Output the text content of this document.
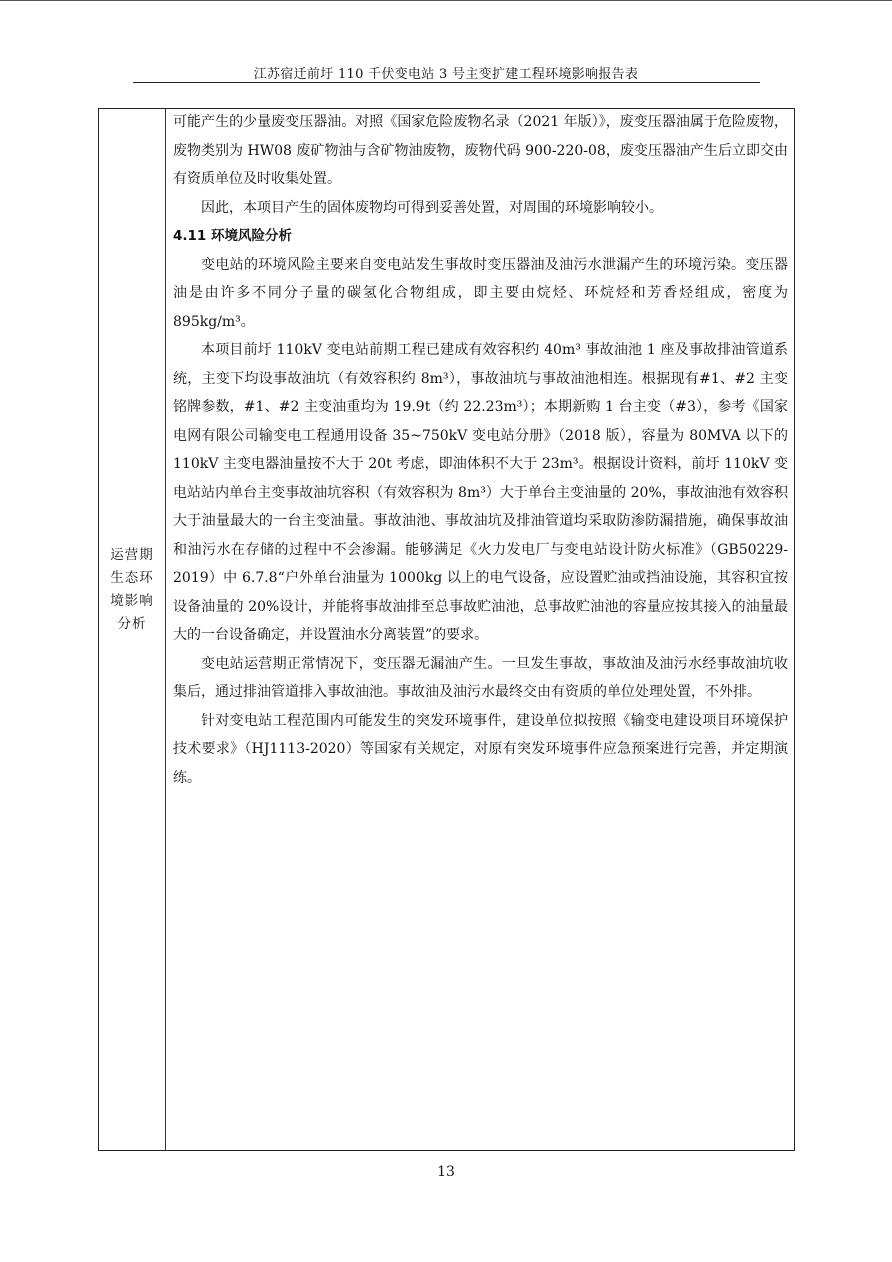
江苏宿迁前圩 110 千伏变电站 3 号主变扩建工程环境影响报告表
运营期
生态环
境影响
分析

可能产生的少量废变压器油。对照《国家危险废物名录（2021 年版）》，废变压器油属于危险废物，废物类别为 HW08 废矿物油与含矿物油废物，废物代码 900-220-08，废变压器油产生后立即交由有资质单位及时收集处置。

因此，本项目产生的固体废物均可得到妥善处置，对周围的环境影响较小。

4.11 环境风险分析

变电站的环境风险主要来自变电站发生事故时变压器油及油污水泄漏产生的环境污染。变压器油是由许多不同分子量的碳氢化合物组成，即主要由烷烃、环烷烃和芳香烃组成，密度为895kg/m³。

本项目前圩 110kV 变电站前期工程已建成有效容积约 40m³ 事故油池 1 座及事故排油管道系统，主变下均设事故油坑（有效容积约 8m³），事故油坑与事故油池相连。根据现有#1、#2 主变铭牌参数，#1、#2 主变油重均为 19.9t（约 22.23m³）；本期新购 1 台主变（#3），参考《国家电网有限公司输变电工程通用设备 35~750kV 变电站分册》（2018 版），容量为 80MVA 以下的 110kV 主变电器油量按不大于 20t 考虑，即油体积不大于 23m³。根据设计资料，前圩 110kV 变电站站内单台主变事故油坑容积（有效容积为 8m³）大于单台主变油量的 20%，事故油池有效容积大于油量最大的一台主变油量。事故油池、事故油坑及排油管道均采取防渗防漏措施，确保事故油和油污水在存储的过程中不会渗漏。能够满足《火力发电厂与变电站设计防火标准》（GB50229-2019）中 6.7.8“户外单台油量为 1000kg 以上的电气设备，应设置贮油或挡油设施，其容积宜按设备油量的 20%设计，并能将事故油排至总事故贮油池，总事故贮油池的容量应按其接入的油量最大的一台设备确定，并设置油水分离装置”的要求。

变电站运营期正常情况下，变压器无漏油产生。一旦发生事故，事故油及油污水经事故油坑收集后，通过排油管道排入事故油池。事故油及油污水最终交由有资质的单位处理处置，不外排。

针对变电站工程范围内可能发生的突发环境事件，建设单位拟按照《输变电建设项目环境保护技术要求》（HJ1113-2020）等国家有关规定，对原有突发环境事件应急预案进行完善，并定期演练。

13
